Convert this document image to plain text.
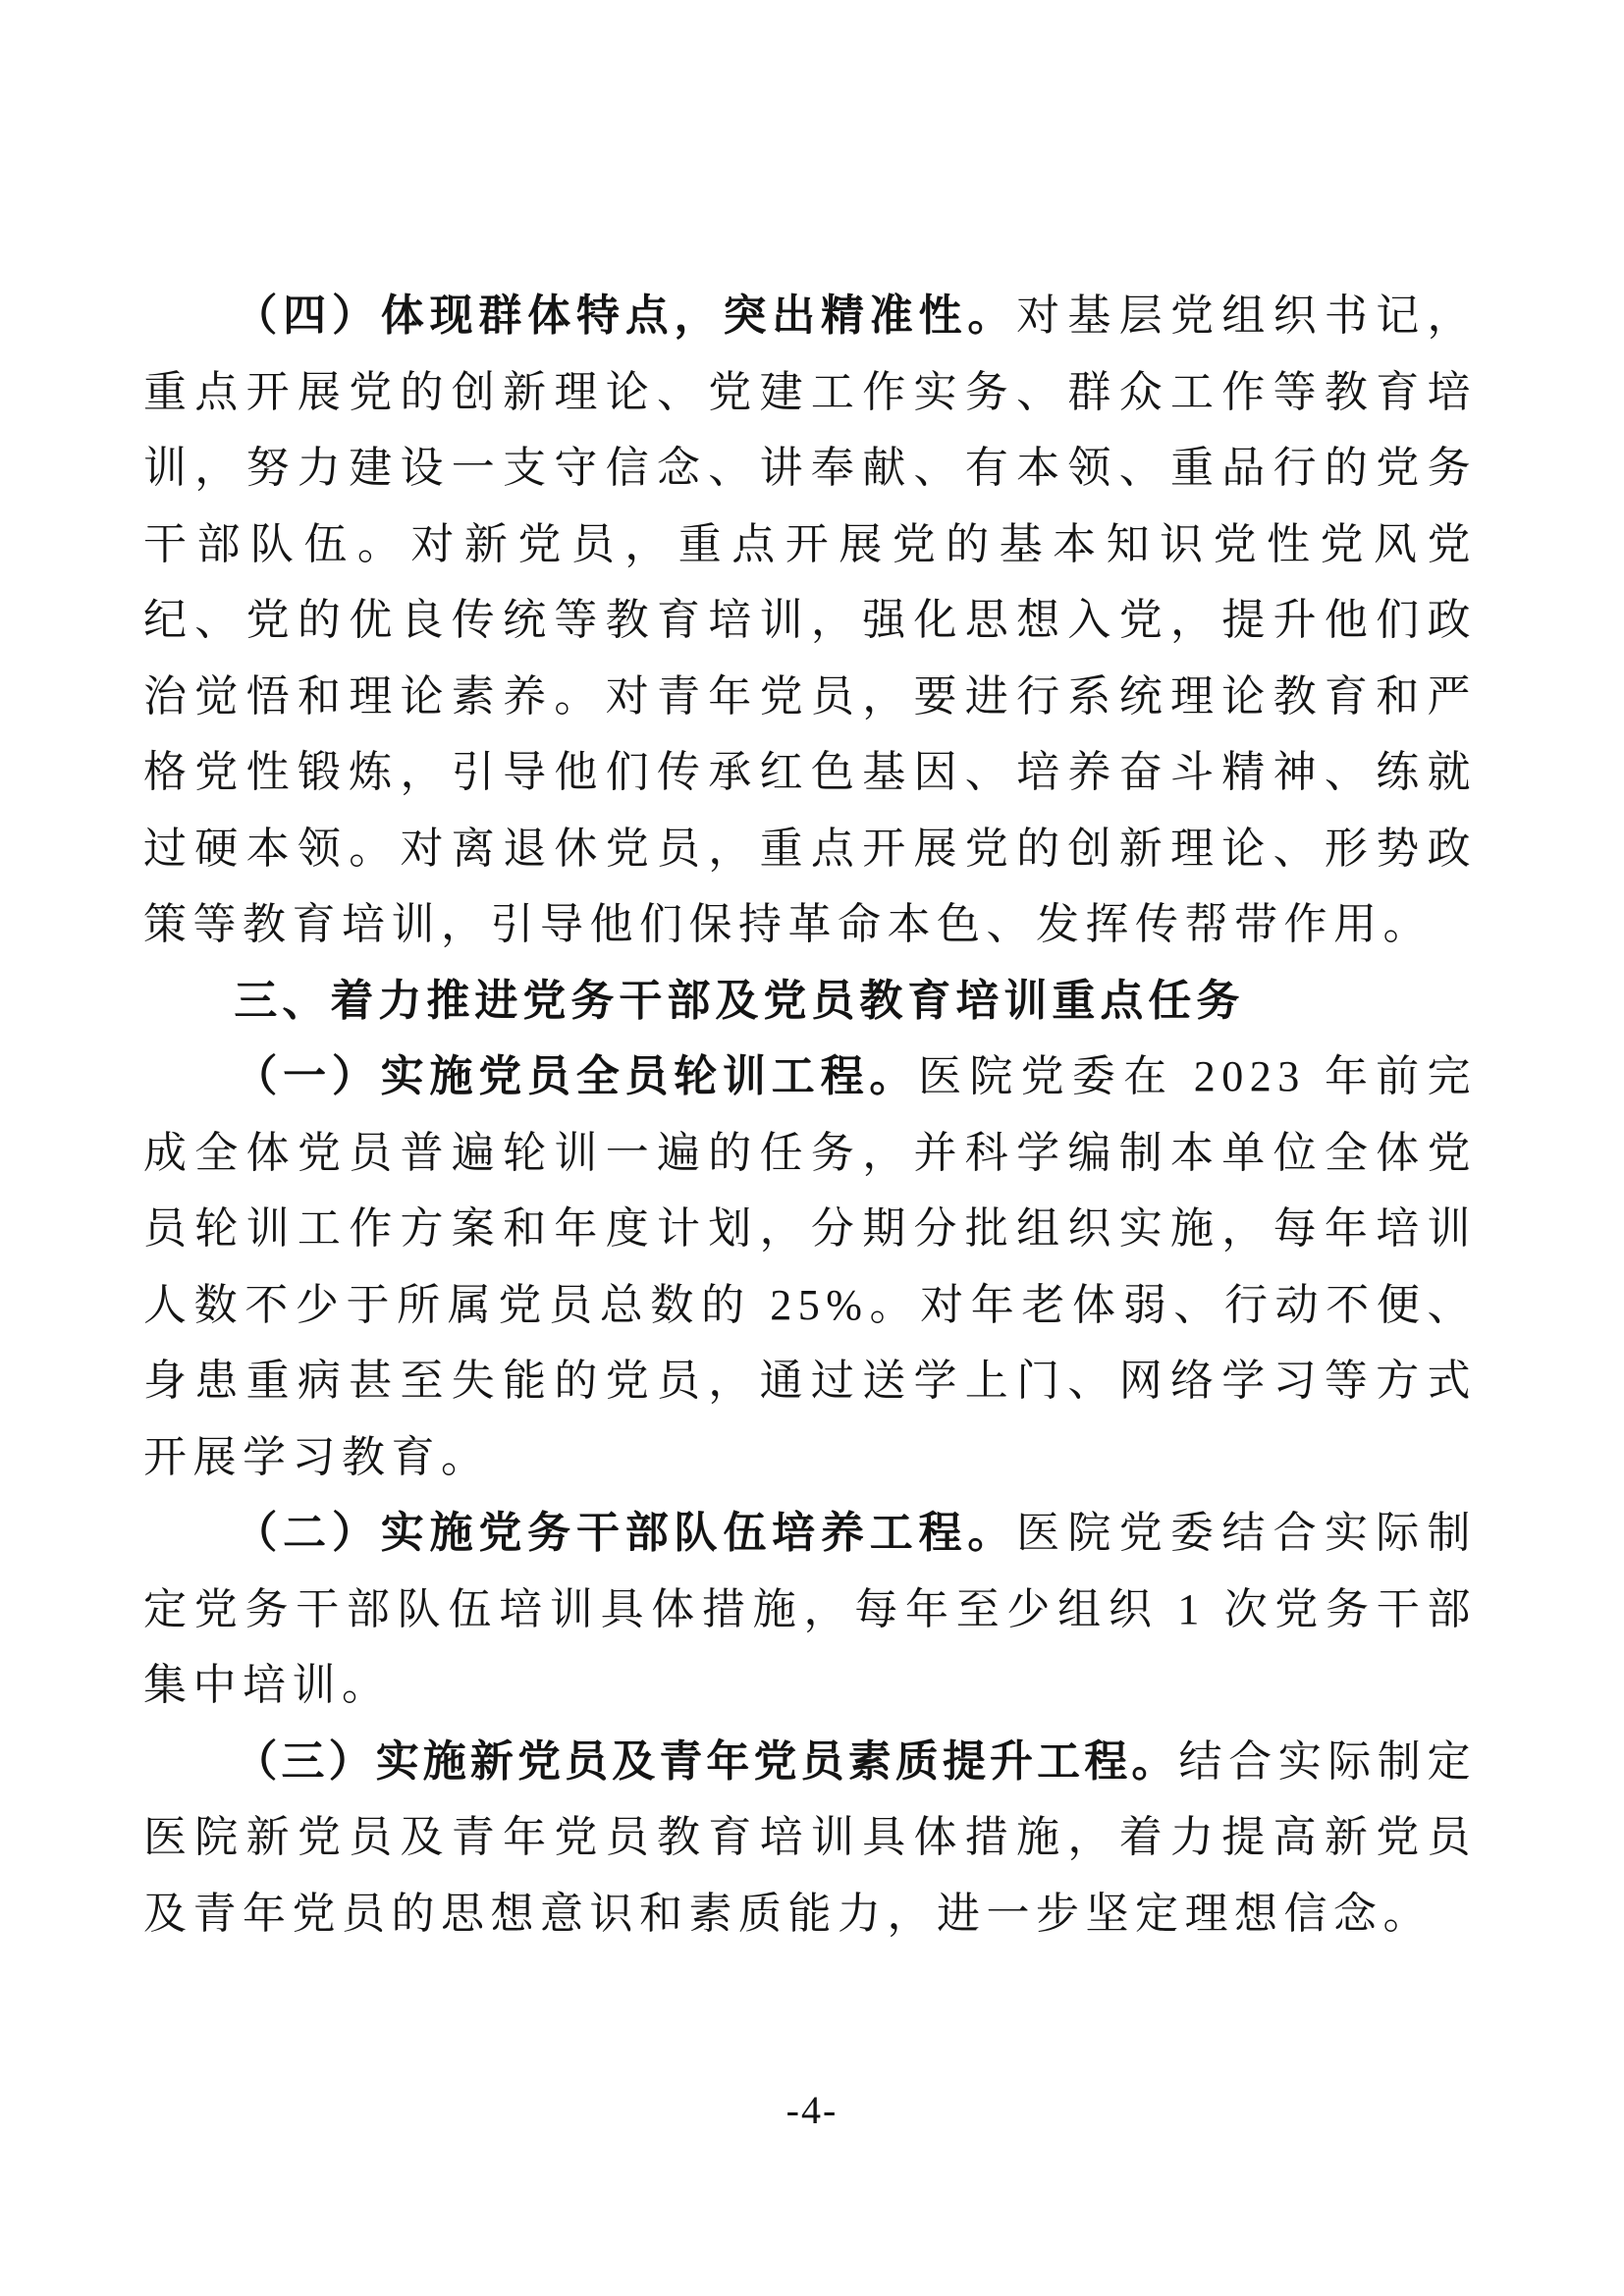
（四）体现群体特点，突出精准性。对基层党组织书记，重点开展党的创新理论、党建工作实务、群众工作等教育培训，努力建设一支守信念、讲奉献、有本领、重品行的党务干部队伍。对新党员，重点开展党的基本知识党性党风党纪、党的优良传统等教育培训，强化思想入党，提升他们政治觉悟和理论素养。对青年党员，要进行系统理论教育和严格党性锻炼，引导他们传承红色基因、培养奋斗精神、练就过硬本领。对离退休党员，重点开展党的创新理论、形势政策等教育培训，引导他们保持革命本色、发挥传帮带作用。

三、着力推进党务干部及党员教育培训重点任务

（一）实施党员全员轮训工程。医院党委在 2023 年前完成全体党员普遍轮训一遍的任务，并科学编制本单位全体党员轮训工作方案和年度计划，分期分批组织实施，每年培训人数不少于所属党员总数的 25%。对年老体弱、行动不便、身患重病甚至失能的党员，通过送学上门、网络学习等方式开展学习教育。

（二）实施党务干部队伍培养工程。医院党委结合实际制定党务干部队伍培训具体措施，每年至少组织 1 次党务干部集中培训。

（三）实施新党员及青年党员素质提升工程。结合实际制定医院新党员及青年党员教育培训具体措施，着力提高新党员及青年党员的思想意识和素质能力，进一步坚定理想信念。

-4-
